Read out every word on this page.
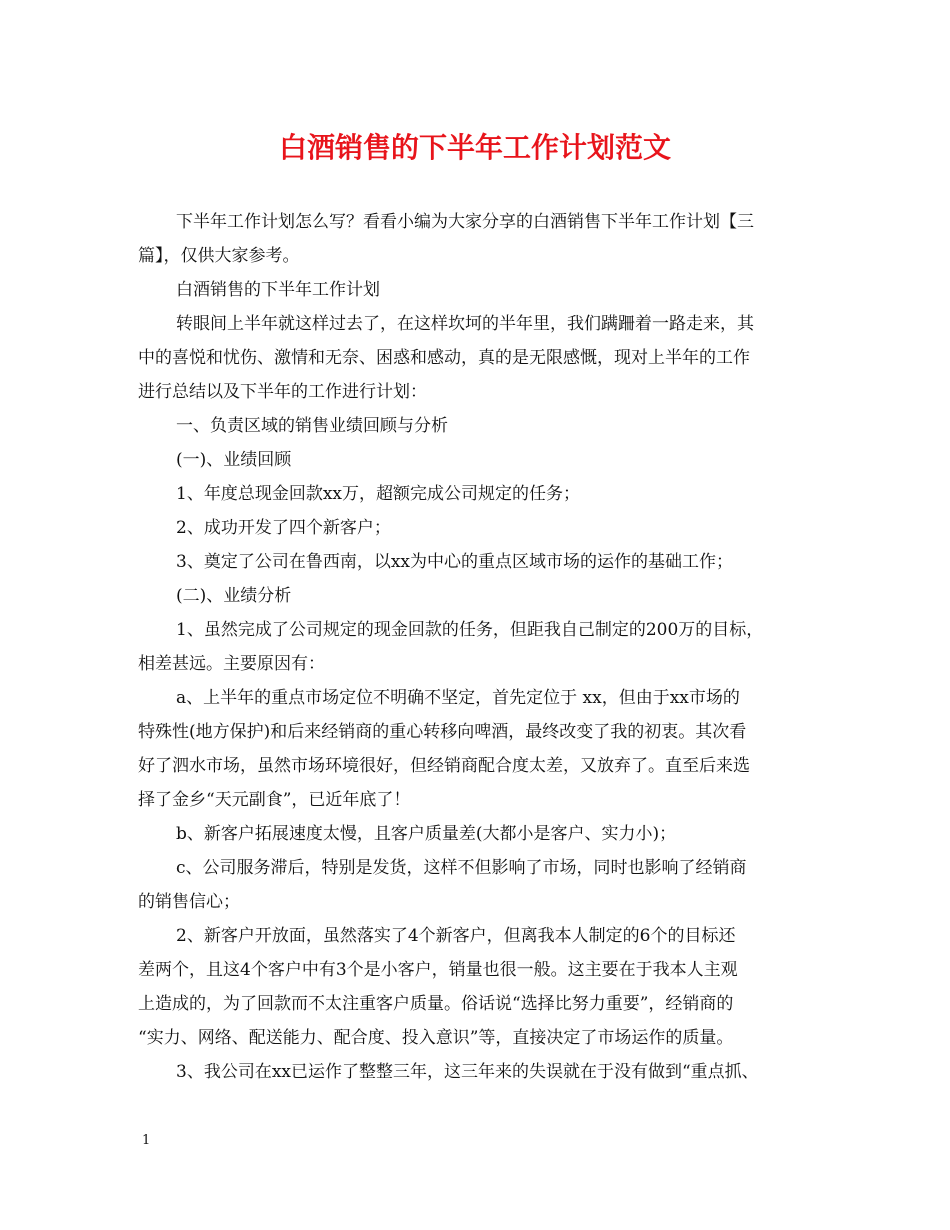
白酒销售的下半年工作计划范文
下半年工作计划怎么写？看看小编为大家分享的白酒销售下半年工作计划【三
篇】，仅供大家参考。
白酒销售的下半年工作计划
转眼间上半年就这样过去了，在这样坎坷的半年里，我们蹒跚着一路走来，其
中的喜悦和忧伤、激情和无奈、困惑和感动，真的是无限感慨，现对上半年的工作
进行总结以及下半年的工作进行计划：
一、负责区域的销售业绩回顾与分析
(一)、业绩回顾
1、年度总现金回款xx万，超额完成公司规定的任务；
2、成功开发了四个新客户；
3、奠定了公司在鲁西南，以xx为中心的重点区域市场的运作的基础工作；
(二)、业绩分析
1、虽然完成了公司规定的现金回款的任务，但距我自己制定的200万的目标，
相差甚远。主要原因有：
a、上半年的重点市场定位不明确不坚定，首先定位于 xx，但由于xx市场的
特殊性(地方保护)和后来经销商的重心转移向啤酒，最终改变了我的初衷。其次看
好了泗水市场，虽然市场环境很好，但经销商配合度太差，又放弃了。直至后来选
择了金乡“天元副食”，已近年底了！
b、新客户拓展速度太慢，且客户质量差(大都小是客户、实力小)；
c、公司服务滞后，特别是发货，这样不但影响了市场，同时也影响了经销商
的销售信心；
2、新客户开放面，虽然落实了4个新客户，但离我本人制定的6个的目标还
差两个，且这4个客户中有3个是小客户，销量也很一般。这主要在于我本人主观
上造成的，为了回款而不太注重客户质量。俗话说“选择比努力重要”，经销商的
“实力、网络、配送能力、配合度、投入意识”等，直接决定了市场运作的质量。
3、我公司在xx已运作了整整三年，这三年来的失误就在于没有做到“重点抓、
1
